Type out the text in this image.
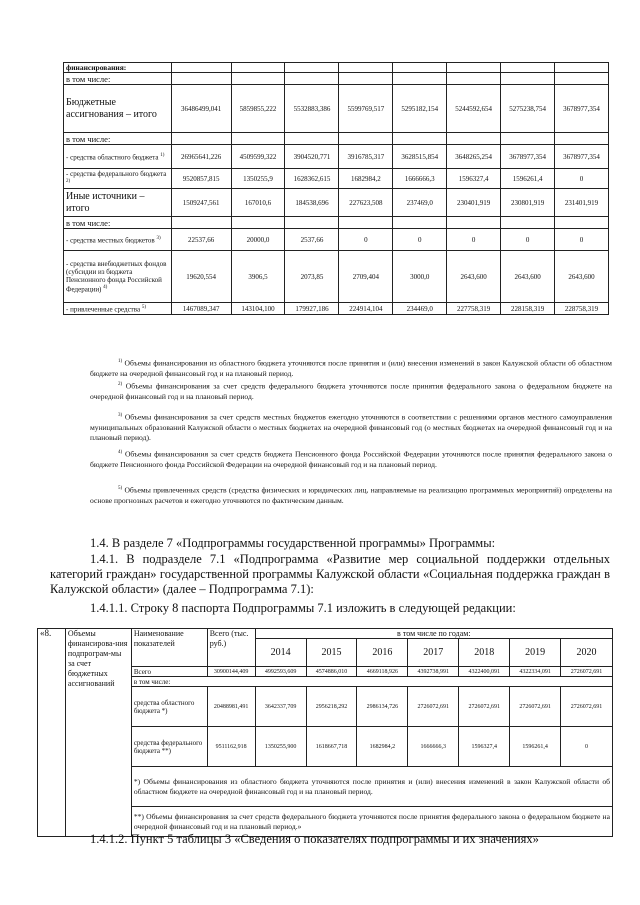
финансирования:								
в том числе:								
Бюджетные ассигнования – итого	36486499,041	5859855,222	5532883,386	5599769,517	5295182,154	5244592,654	5275238,754	3678977,354
в том числе:								
- средства областного бюджета $^{1)}$	26965641,226	4509599,322	3904520,771	3916785,317	3628515,854	3648265,254	3678977,354	3678977,354
- средства федерального бюджета $^{2)}$	9520857,815	1350255,9	1628362,615	1682984,2	1666666,3	1596327,4	1596261,4	0
Иные источники – итого	1509247,561	167010,6	184538,696	227623,508	237469,0	230401,919	230801,919	231401,919
в том числе:								
- средства местных бюджетов $^{3)}$	22537,66	20000,0	2537,66	0	0	0	0	0
- средства внебюджетных фондов (субсидии из бюджета Пенсионного фонда Российской Федерации) $^{4)}$	19620,554	3906,5	2073,85	2709,404	3000,0	2643,600	2643,600	2643,600
- привлеченные средства $^{5)}$	1467089,347	143104,100	179927,186	224914,104	234469,0	227758,319	228158,319	228758,319
$^{1)}$ Объемы финансирования из областного бюджета уточняются после принятия и (или) внесения изменений в закон Калужской области об областном бюджете на очередной финансовый год и на плановый период.
$^{2)}$ Объемы финансирования за счет средств федерального бюджета уточняются после принятия федерального закона о федеральном бюджете на очередной финансовый год и на плановый период.
$^{3)}$ Объемы финансирования за счет средств местных бюджетов ежегодно уточняются в соответствии с решениями органов местного самоуправления муниципальных образований Калужской области о местных бюджетах на очередной финансовый год (о местных бюджетах на очередной финансовый год и на плановый период).
$^{4)}$ Объемы финансирования за счет средств бюджета Пенсионного фонда Российской Федерации уточняются после принятия федерального закона о бюджете Пенсионного фонда Российской Федерации на очередной финансовый год и на плановый период.
$^{5)}$ Объемы привлеченных средств (средства физических и юридических лиц, направляемые на реализацию программных мероприятий) определены на основе прогнозных расчетов и ежегодно уточняются по фактическим данным.
1.4. В разделе 7 «Подпрограммы государственной программы» Программы:
1.4.1. В подразделе 7.1 «Подпрограмма «Развитие мер социальной поддержки отдельных категорий граждан» государственной программы Калужской области «Социальная поддержка граждан в Калужской области» (далее – Подпрограмма 7.1):
1.4.1.1. Строку 8 паспорта Подпрограммы 7.1 изложить в следующей редакции:
«8.	Объемы финансирова-ния подпрограм-мы за счет бюджетных ассигнований	Наименование показателей	Всего (тыс. руб.)	в том числе по годам:						
				2014	2015	2016	2017	2018	2019	2020
		Всего	30900144,409	4992593,609	4574886,010	4669118,926	4392738,991	4322400,091	4322334,091	2726072,691
		в том числе:								
		средства областного бюджета *)	20488981,491	3642337,709	2956218,292	2986134,726	2726072,691	2726072,691	2726072,691	2726072,691
		средства федерального бюджета **)	9511162,918	1350255,900	1618667,718	1682984,2	1666666,3	1596327,4	1596261,4	0
		*) Объемы финансирования из областного бюджета уточняются после принятия и (или) внесения изменений в закон Калужской области об областном бюджете на очередной финансовый год и на плановый период.								
		**) Объемы финансирования за счет средств федерального бюджета уточняются после принятия федерального закона о федеральном бюджете на очередной финансовый год и на плановый период.»								
1.4.1.2. Пункт 5 таблицы 3 «Сведения о показателях подпрограммы и их значениях»
